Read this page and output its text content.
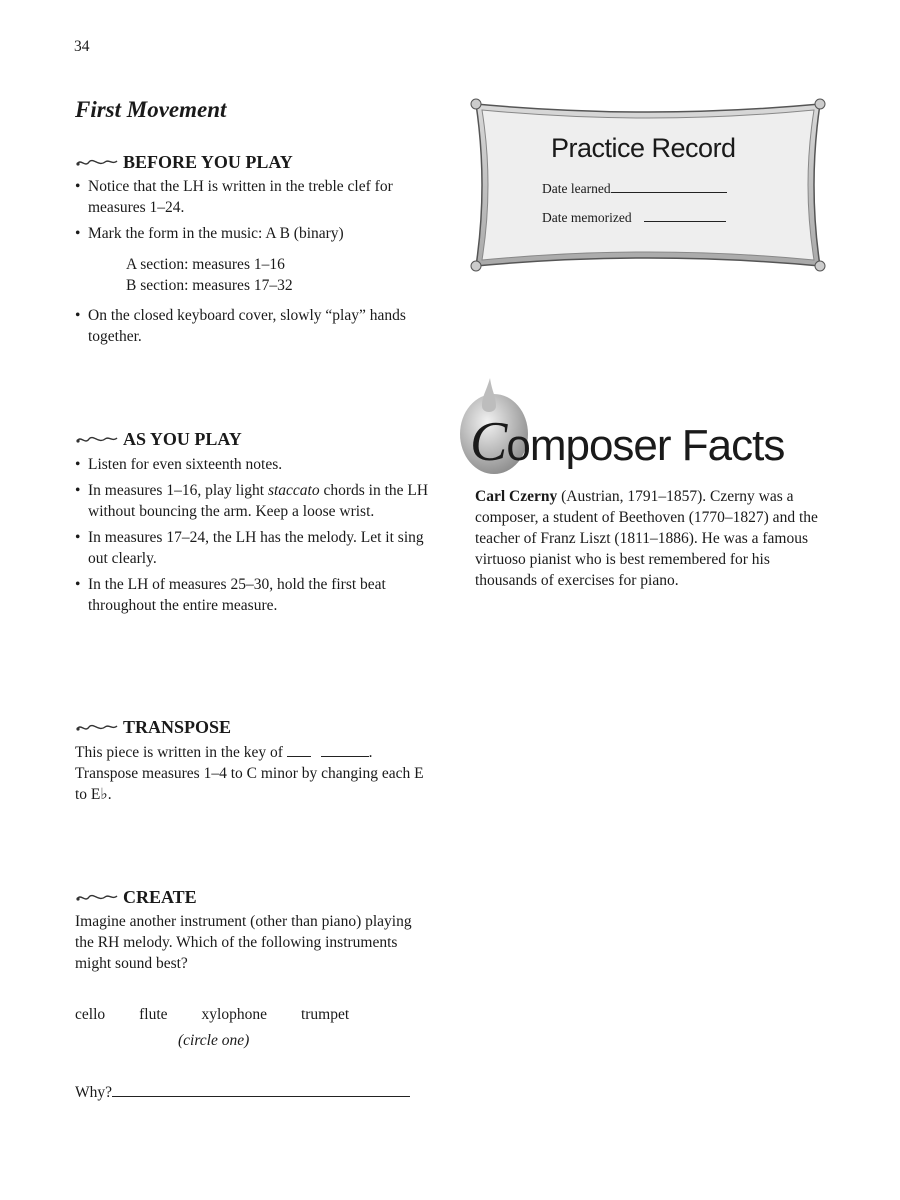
34
First Movement
BEFORE YOU PLAY
• Notice that the LH is written in the treble clef for measures 1–24.
• Mark the form in the music: A B (binary)
A section: measures 1–16
B section: measures 17–32
• On the closed keyboard cover, slowly “play” hands together.
AS YOU PLAY
• Listen for even sixteenth notes.
• In measures 1–16, play light staccato chords in the LH without bouncing the arm. Keep a loose wrist.
• In measures 17–24, the LH has the melody. Let it sing out clearly.
• In the LH of measures 25–30, hold the first beat throughout the entire measure.
TRANSPOSE
This piece is written in the key of	.
Transpose measures 1–4 to C minor by changing each E to E♭.
CREATE
Imagine another instrument (other than piano) playing the RH melody. Which of the following instruments might sound best?
cello flute xylophone trumpet
(circle one)
Why?
Practice Record
Date learned
Date memorized
Composer Facts
Carl Czerny (Austrian, 1791–1857). Czerny was a composer, a student of Beethoven (1770–1827) and the teacher of Franz Liszt (1811–1886). He was a famous virtuoso pianist who is best remembered for his thousands of exercises for piano.
